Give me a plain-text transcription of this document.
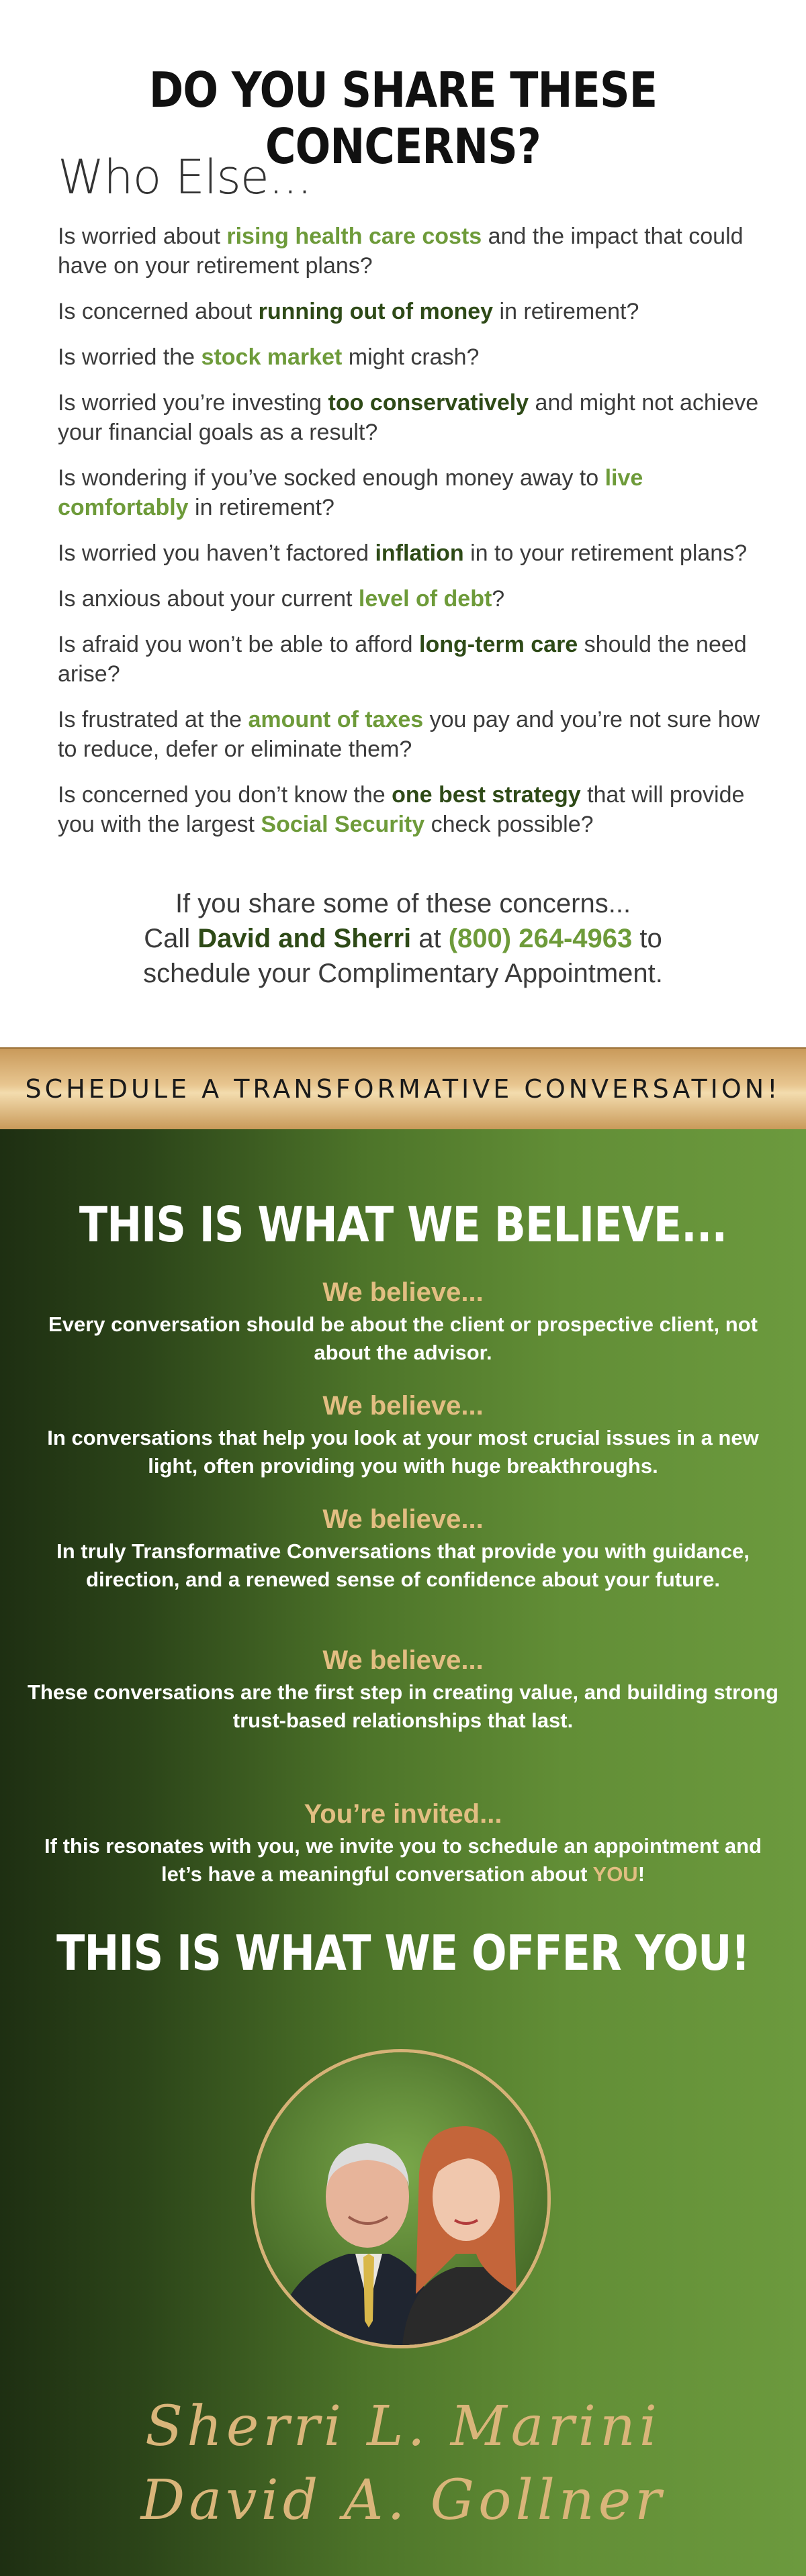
DO YOU SHARE THESE CONCERNS?
Who Else...
Is worried about rising health care costs and the impact that could have on your retirement plans?
Is concerned about running out of money in retirement?
Is worried the stock market might crash?
Is worried you’re investing too conservatively and might not achieve your financial goals as a result?
Is wondering if you’ve socked enough money away to live comfortably in retirement?
Is worried you haven’t factored inflation in to your retirement plans?
Is anxious about your current level of debt?
Is afraid you won’t be able to afford long-term care should the need arise?
Is frustrated at the amount of taxes you pay and you’re not sure how to reduce, defer or eliminate them?
Is concerned you don’t know the one best strategy that will provide you with the largest Social Security check possible?
If you share some of these concerns...
Call David and Sherri at (800) 264-4963 to
schedule your Complimentary Appointment.
SCHEDULE A TRANSFORMATIVE CONVERSATION!
THIS IS WHAT WE BELIEVE...
We believe...
Every conversation should be about the client or prospective client, not about the advisor.
We believe...
In conversations that help you look at your most crucial issues in a new light, often providing you with huge breakthroughs.
We believe...
In truly Transformative Conversations that provide you with guidance, direction, and a renewed sense of confidence about your future.
We believe...
These conversations are the first step in creating value, and building strong trust-based relationships that last.
You’re invited...
If this resonates with you, we invite you to schedule an appointment and let’s have a meaningful conversation about YOU!
THIS IS WHAT WE OFFER YOU!
Sherri L. Marini
David A. Gollner
